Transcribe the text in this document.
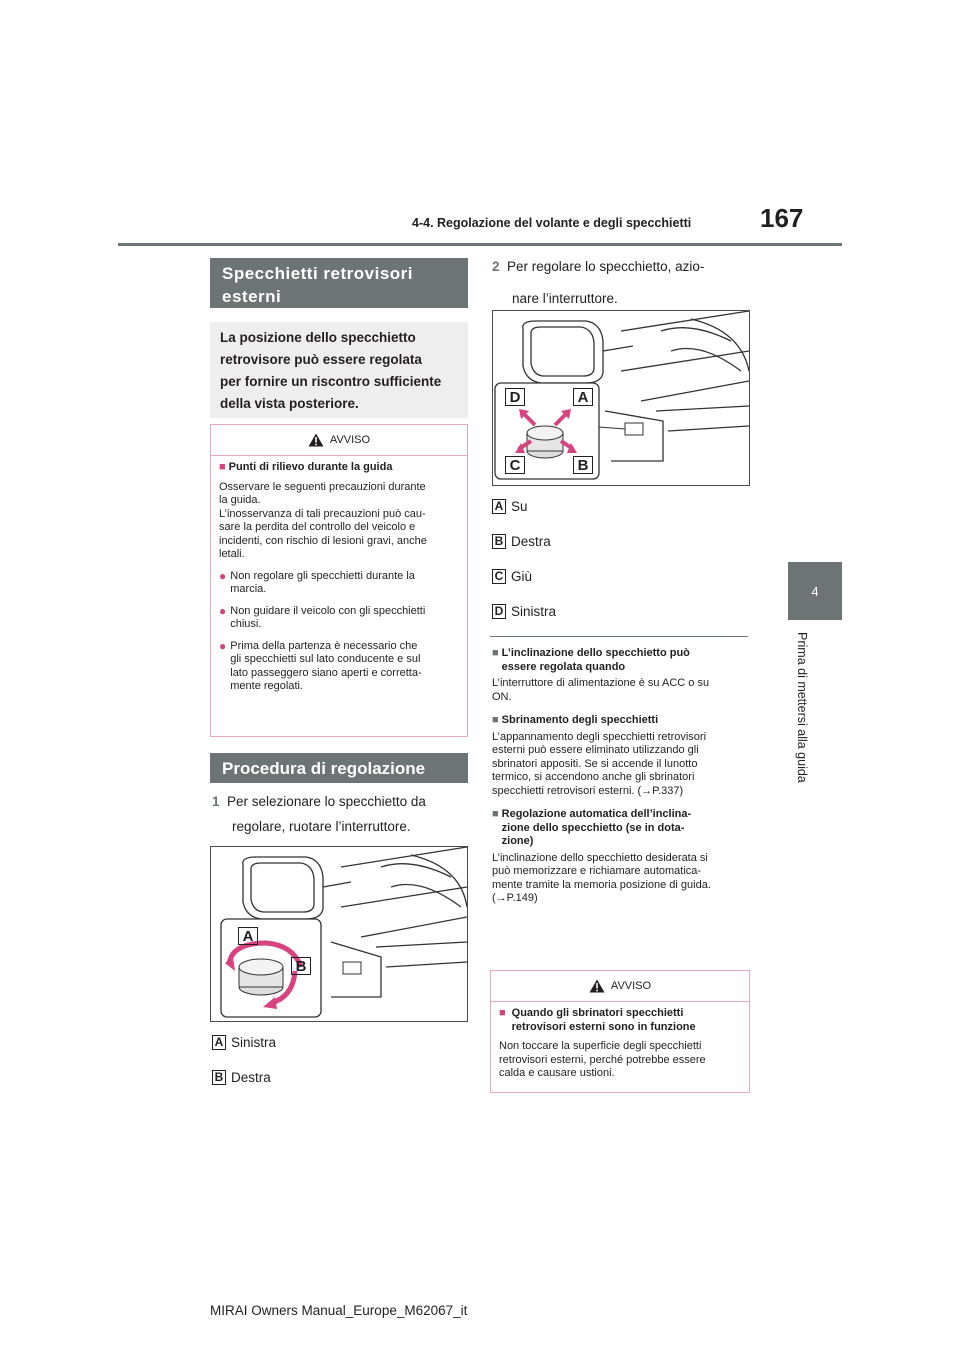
4-4. Regolazione del volante e degli specchietti	167
4
Prima di mettersi alla guida
Specchietti retrovisori
esterni
La posizione dello specchietto
retrovisore può essere regolata
per fornire un riscontro sufficiente
della vista posteriore.
AVVISO
■ Punti di rilievo durante la guida
Osservare le seguenti precauzioni durante
la guida.
L’inosservanza di tali precauzioni può cau-
sare la perdita del controllo del veicolo e
incidenti, con rischio di lesioni gravi, anche
letali.
● Non regolare gli specchietti durante la
marcia.
● Non guidare il veicolo con gli specchietti
chiusi.
● Prima della partenza è necessario che
gli specchietti sul lato conducente e sul
lato passeggero siano aperti e corretta-
mente regolati.
Procedura di regolazione
1 Per selezionare lo specchietto da
regolare, ruotare l’interruttore.
A
B
A Sinistra
B Destra
2 Per regolare lo specchietto, azio-
nare l’interruttore.
D	A
C	B
A Su
B Destra
C Giù
D Sinistra
■ L’inclinazione dello specchietto può
essere regolata quando
L’interruttore di alimentazione è su ACC o su
ON.
■ Sbrinamento degli specchietti
L’appannamento degli specchietti retrovisori
esterni può essere eliminato utilizzando gli
sbrinatori appositi. Se si accende il lunotto
termico, si accendono anche gli sbrinatori
specchietti retrovisori esterni. (→P.337)
■ Regolazione automatica dell’inclina-
zione dello specchietto (se in dota-
zione)
L’inclinazione dello specchietto desiderata si
può memorizzare e richiamare automatica-
mente tramite la memoria posizione di guida.
(→P.149)
AVVISO
■ Quando gli sbrinatori specchietti
retrovisori esterni sono in funzione
Non toccare la superficie degli specchietti
retrovisori esterni, perché potrebbe essere
calda e causare ustioni.
MIRAI Owners Manual_Europe_M62067_it
